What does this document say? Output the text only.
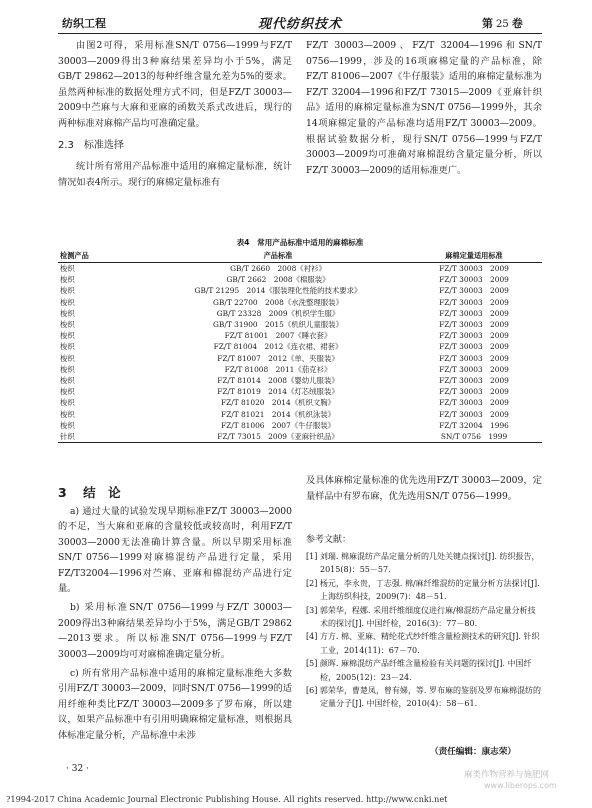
纺织工程	现代纺织技术	第 25 卷

由图2可得，采用标准SN/T 0756—1999与FZ/T 30003—2009得出3种麻结果差异均小于5%，满足GB/T 29862—2013的每种纤维含量允差为5%的要求。虽然两种标准的数据处理方式不同，但是FZ/T 30003—2009中苎麻与大麻和亚麻的函数关系式改进后，现行的两种标准对麻棉产品均可准确定量。

2.3　标准选择

统计所有常用产品标准中适用的麻棉定量标准，统计情况如表4所示。现行的麻棉定量标准有

FZ/T 30003—2009、FZ/T 32004—1996和SN/T 0756—1999，涉及的16项麻棉定量的产品标准，除FZ/T 81006—2007《牛仔服装》适用的麻棉定量标准为FZ/T 32004—1996和FZ/T 73015—2009《亚麻针织品》适用的麻棉定量标准为SN/T 0756—1999外，其余14项麻棉定量的产品标准均适用FZ/T 30003—2009。根据试验数据分析，现行SN/T 0756—1999与FZ/T 30003—2009均可准确对麻棉混纺含量定量分析，所以FZ/T 30003—2009的适用标准更广。

表4　常用产品标准中适用的麻棉标准
检测产品	产品标准	麻棉定量适用标准
梭织	GB/T 2660　2008《衬衫》	FZ/T 30003　2009
梭织	GB/T 2662　2008《棉服装》	FZ/T 30003　2009
梭织	GB/T 21295　2014《服装理化性能的技术要求》	FZ/T 30003　2009
梭织	GB/T 22700　2008《水洗整理服装》	FZ/T 30003　2009
梭织	GB/T 23328　2009《机织学生服》	FZ/T 30003　2009
梭织	GB/T 31900　2015《机织儿童服装》	FZ/T 30003　2009
梭织	FZ/T 81001　2007《睡衣套》	FZ/T 30003　2009
梭织	FZ/T 81004　2012《连衣裙、裙套》	FZ/T 30003　2009
梭织	FZ/T 81007　2012《单、夹服装》	FZ/T 30003　2009
梭织	FZ/T 81008　2011《茄克衫》	FZ/T 30003　2009
梭织	FZ/T 81014　2008《婴幼儿服装》	FZ/T 30003　2009
梭织	FZ/T 81019　2014《灯芯绒服装》	FZ/T 30003　2009
梭织	FZ/T 81020　2014《机织文胸》	FZ/T 30003　2009
梭织	FZ/T 81021　2014《机织泳装》	FZ/T 30003　2009
梭织	FZ/T 81006　2007《牛仔服装》	FZ/T 32004　1996
针织	FZ/T 73015　2009《亚麻针织品》	SN/T 0756　1999
3 结　论

a) 通过大量的试验发现早期标准FZ/T 30003—2000的不足，当大麻和亚麻的含量较低或较高时，利用FZ/T 30003—2000无法准确计算含量。所以早期采用标准SN/T 0756—1999对麻棉混纺产品进行定量，采用FZ/T32004—1996对苎麻、亚麻和棉混纺产品进行定量。

b) 采用标准SN/T 0756—1999与FZ/T 30003—2009得出3种麻结果差异均小于5%，满足GB/T 29862—2013要求。所以标准SN/T 0756—1999与FZ/T 30003—2009均可对麻棉准确定量分析。

c) 所有常用产品标准中适用的麻棉定量标准绝大多数引用FZ/T 30003—2009，同时SN/T 0756—1999的适用纤维种类比FZ/T 30003—2009多了罗布麻，所以建议，如果产品标准中有引用明确麻棉定量标准，则根据具体标准定量分析，产品标准中未涉

及具体麻棉定量标准的优先选用FZ/T 30003—2009，定量样品中有罗布麻，优先选用SN/T 0756—1999。

参考文献：

[1] 刘瑞. 棉麻混纺产品定量分析的几处关键点探讨[J]. 纺织报告，2015(8)：55－57.

[2] 杨元，李永贵，丁志强. 棉/麻纤维混纺的定量分析方法探讨[J]. 上海纺织科技，2009(7)：48－51.

[3] 郭荣华，程娜. 采用纤维细度仪进行麻/棉混纺产品定量分析技术的探讨[J]. 中国纤检，2016(3)：77－80.

[4] 方方. 棉、亚麻、精纶花式纱纤维含量检测技术的研究[J]. 针织工业，2014(11)：67－70.

[5] 颜晖. 麻棉混纺产品纤维含量检验有关问题的探讨[J]. 中国纤检，2005(12)：23－24.

[6] 郭荣华，曹楚凤，曾有娣，等. 罗布麻的鉴别及罗布麻棉混纺的定量分子[J]. 中国纤检，2010(4)：58－61.

（责任编辑：康志荣）
· 32 ·
麻类作物营养与施肥网
www.liberops.com
?1994-2017 China Academic Journal Electronic Publishing House. All rights reserved. http://www.cnki.net
